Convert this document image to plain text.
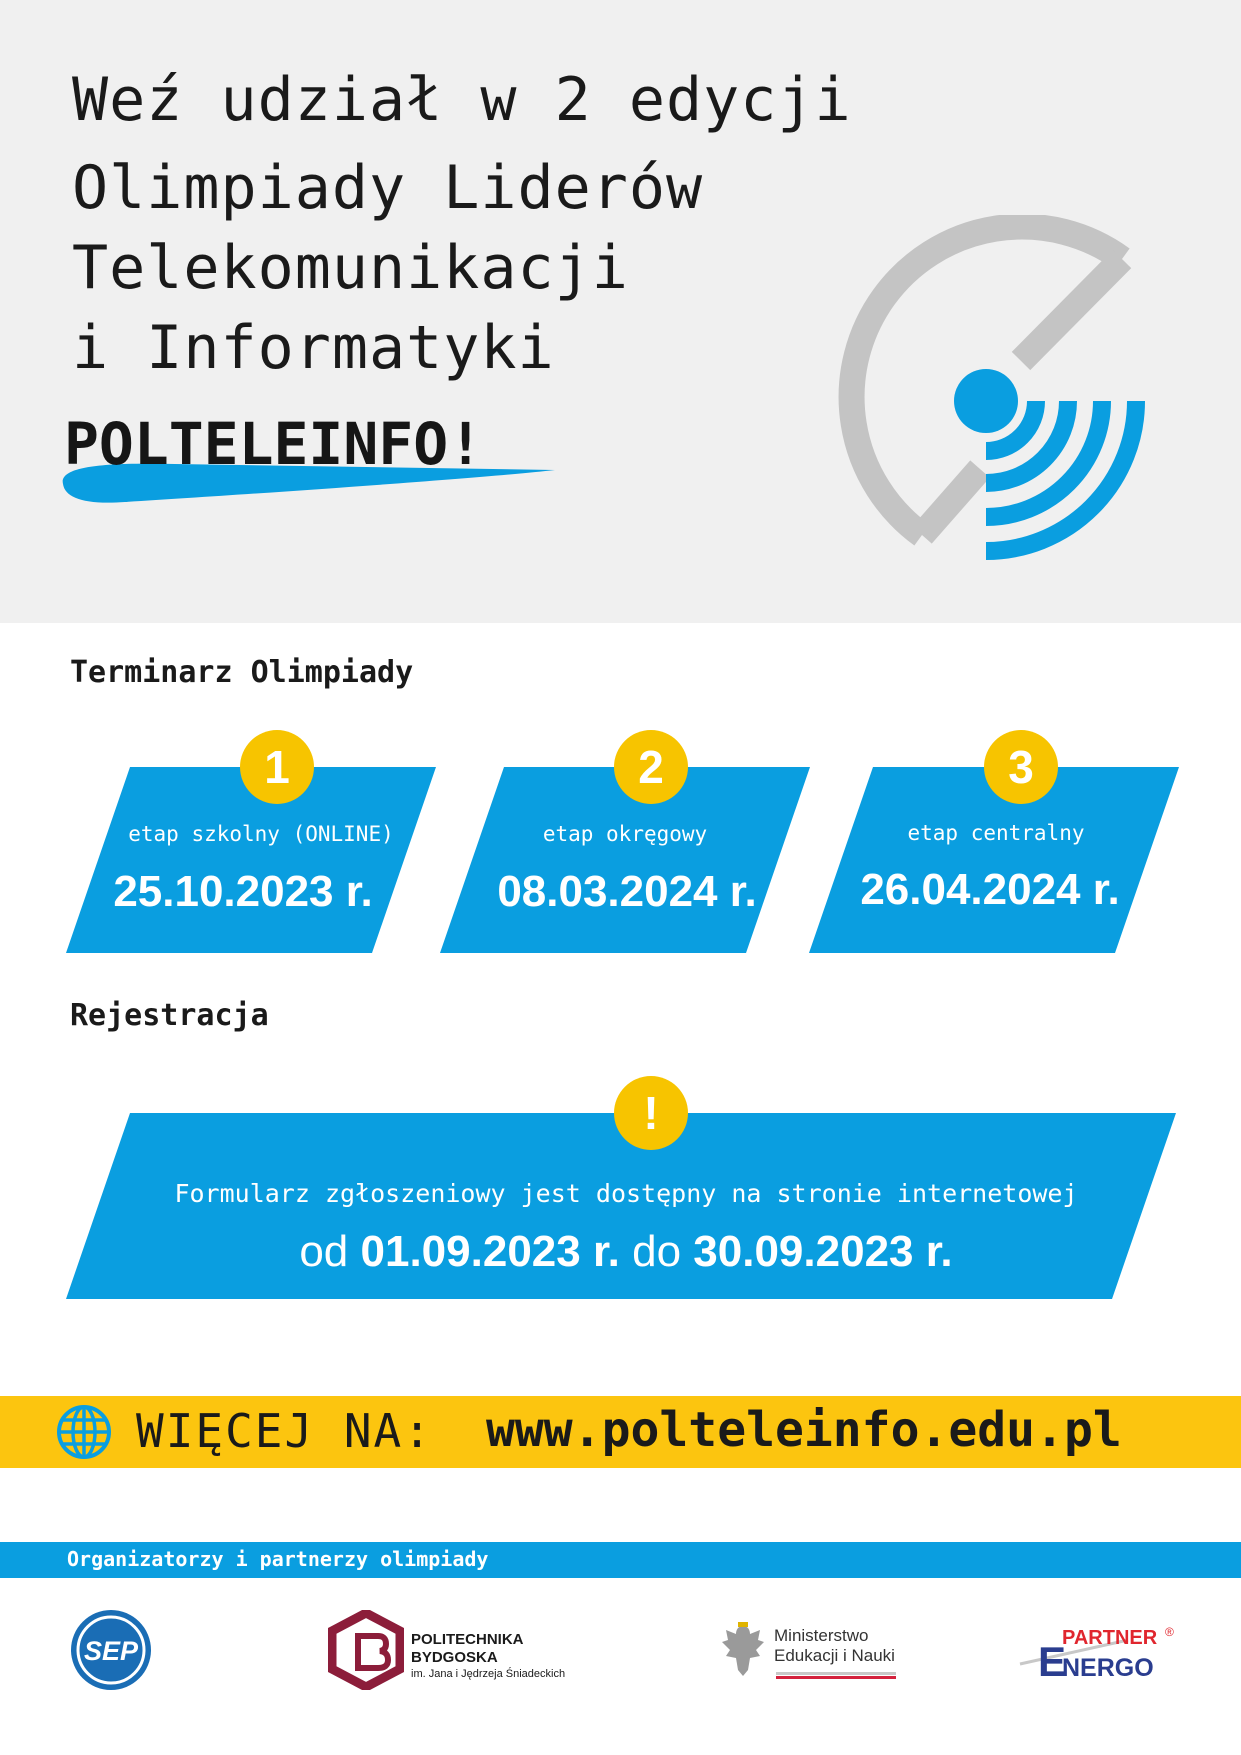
Weź udział w 2 edycji
Olimpiady Liderów
Telekomunikacji
i Informatyki
POLTELEINFO!
Terminarz Olimpiady
1
etap szkolny (ONLINE)
25.10.2023 r.
2
etap okręgowy
08.03.2024 r.
3
etap centralny
26.04.2024 r.
Rejestracja
!
Formularz zgłoszeniowy jest dostępny na stronie internetowej
od 01.09.2023 r. do 30.09.2023 r.
WIĘCEJ NA: www.polteleinfo.edu.pl
Organizatorzy i partnerzy olimpiady
SEP	POLITECHNIKA
BYDGOSKA
im. Jana i Jędrzeja Śniadeckich
Ministerstwo
Edukacji i Nauki	E
PARTNER
NERGO
®
